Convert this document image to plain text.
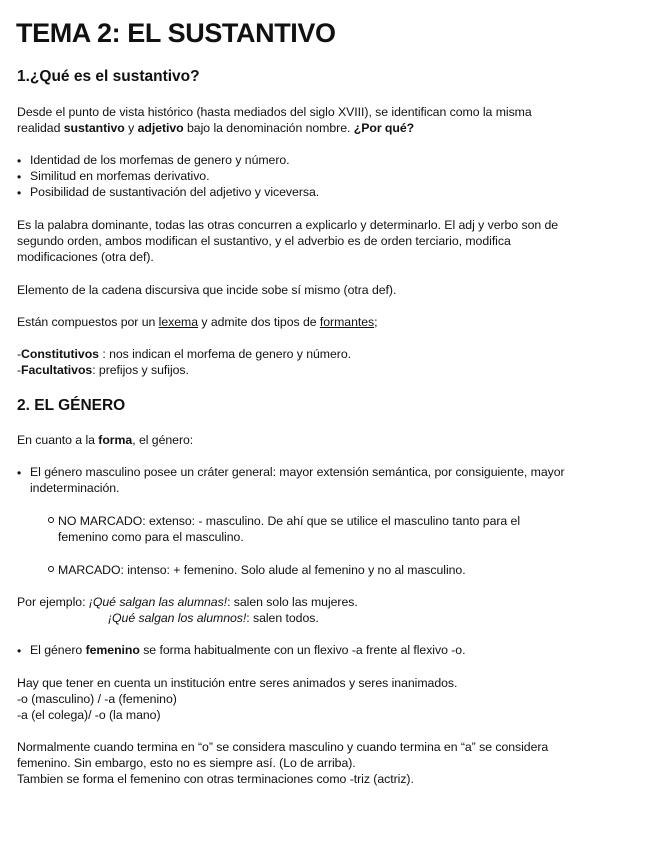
TEMA 2: EL SUSTANTIVO
1.¿Qué es el sustantivo?
Desde el punto de vista histórico (hasta mediados del siglo XVIII), se identifican como la misma
realidad sustantivo y adjetivo bajo la denominación nombre. ¿Por qué?
• Identidad de los morfemas de genero y número.
• Similitud en morfemas derivativo.
• Posibilidad de sustantivación del adjetivo y viceversa.
Es la palabra dominante, todas las otras concurren a explicarlo y determinarlo. El adj y verbo son de
segundo orden, ambos modifican el sustantivo, y el adverbio es de orden terciario, modifica
modificaciones (otra def).
Elemento de la cadena discursiva que incide sobe sí mismo (otra def).
Están compuestos por un lexema y admite dos tipos de formantes;
-Constitutivos : nos indican el morfema de genero y número.
-Facultativos: prefijos y sufijos.
2. EL GÉNERO
En cuanto a la forma, el género:
• El género masculino posee un cráter general: mayor extensión semántica, por consiguiente, mayor
indeterminación.
NO MARCADO: extenso: - masculino. De ahí que se utilice el masculino tanto para el
femenino como para el masculino.
MARCADO: intenso: + femenino. Solo alude al femenino y no al masculino.
Por ejemplo: ¡Qué salgan las alumnas!: salen solo las mujeres.
¡Qué salgan los alumnos!: salen todos.
• El género femenino se forma habitualmente con un flexivo -a frente al flexivo -o.
Hay que tener en cuenta un institución entre seres animados y seres inanimados.
-o (masculino) / -a (femenino)
-a (el colega)/ -o (la mano)
Normalmente cuando termina en “o” se considera masculino y cuando termina en “a” se considera
femenino. Sin embargo, esto no es siempre así. (Lo de arriba).
Tambien se forma el femenino con otras terminaciones como -triz (actriz).
